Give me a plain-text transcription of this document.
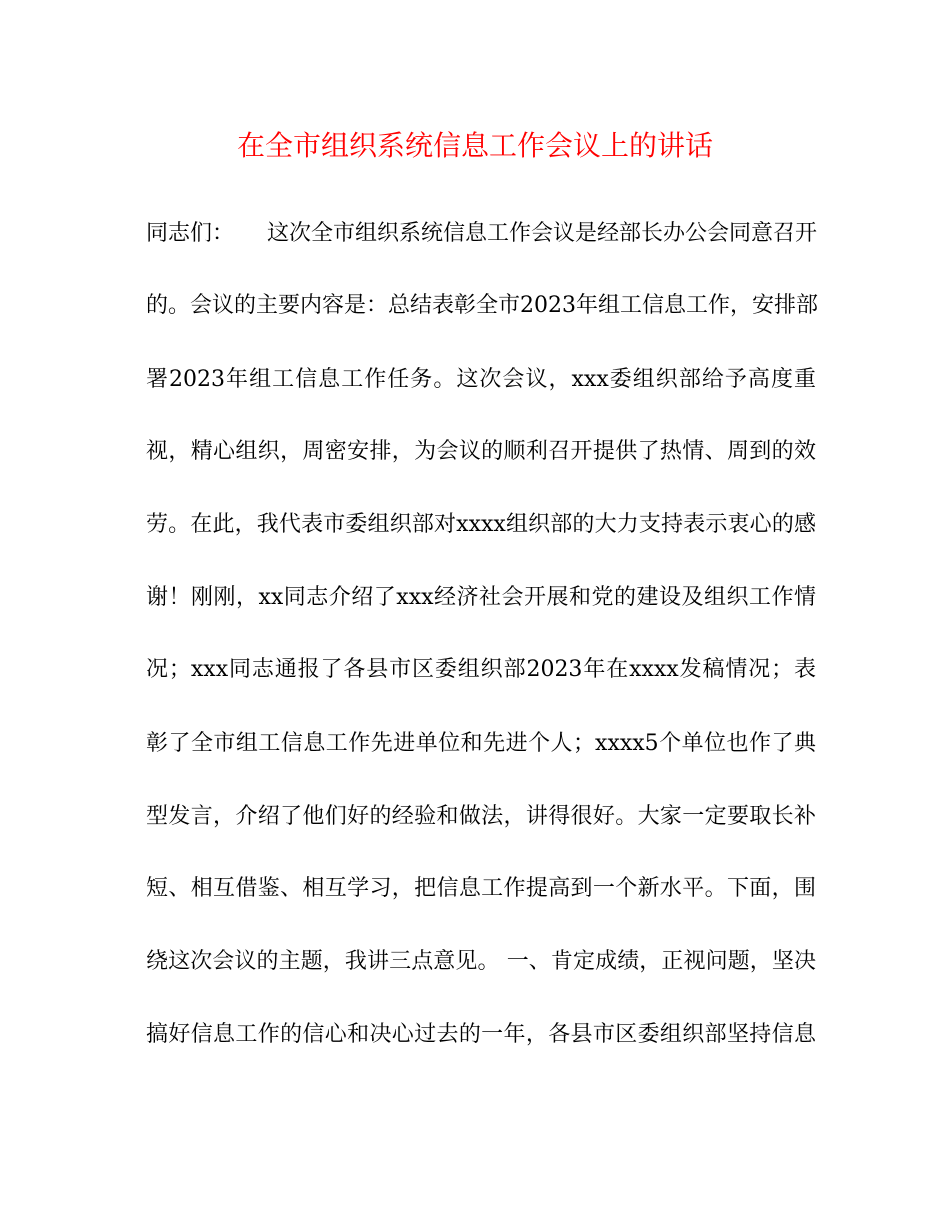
在全市组织系统信息工作会议上的讲话

同志们：　　这次全市组织系统信息工作会议是经部长办公会同意召开

的。会议的主要内容是：总结表彰全市2023年组工信息工作，安排部

署2023年组工信息工作任务。这次会议，xxx委组织部给予高度重

视，精心组织，周密安排，为会议的顺利召开提供了热情、周到的效

劳。在此，我代表市委组织部对xxxx组织部的大力支持表示衷心的感

谢！刚刚，xx同志介绍了xxx经济社会开展和党的建设及组织工作情

况；xxx同志通报了各县市区委组织部2023年在xxxx发稿情况；表

彰了全市组工信息工作先进单位和先进个人；xxxx5个单位也作了典

型发言，介绍了他们好的经验和做法，讲得很好。大家一定要取长补

短、相互借鉴、相互学习，把信息工作提高到一个新水平。下面，围

绕这次会议的主题，我讲三点意见。 一、肯定成绩，正视问题，坚决

搞好信息工作的信心和决心过去的一年，各县市区委组织部坚持信息
